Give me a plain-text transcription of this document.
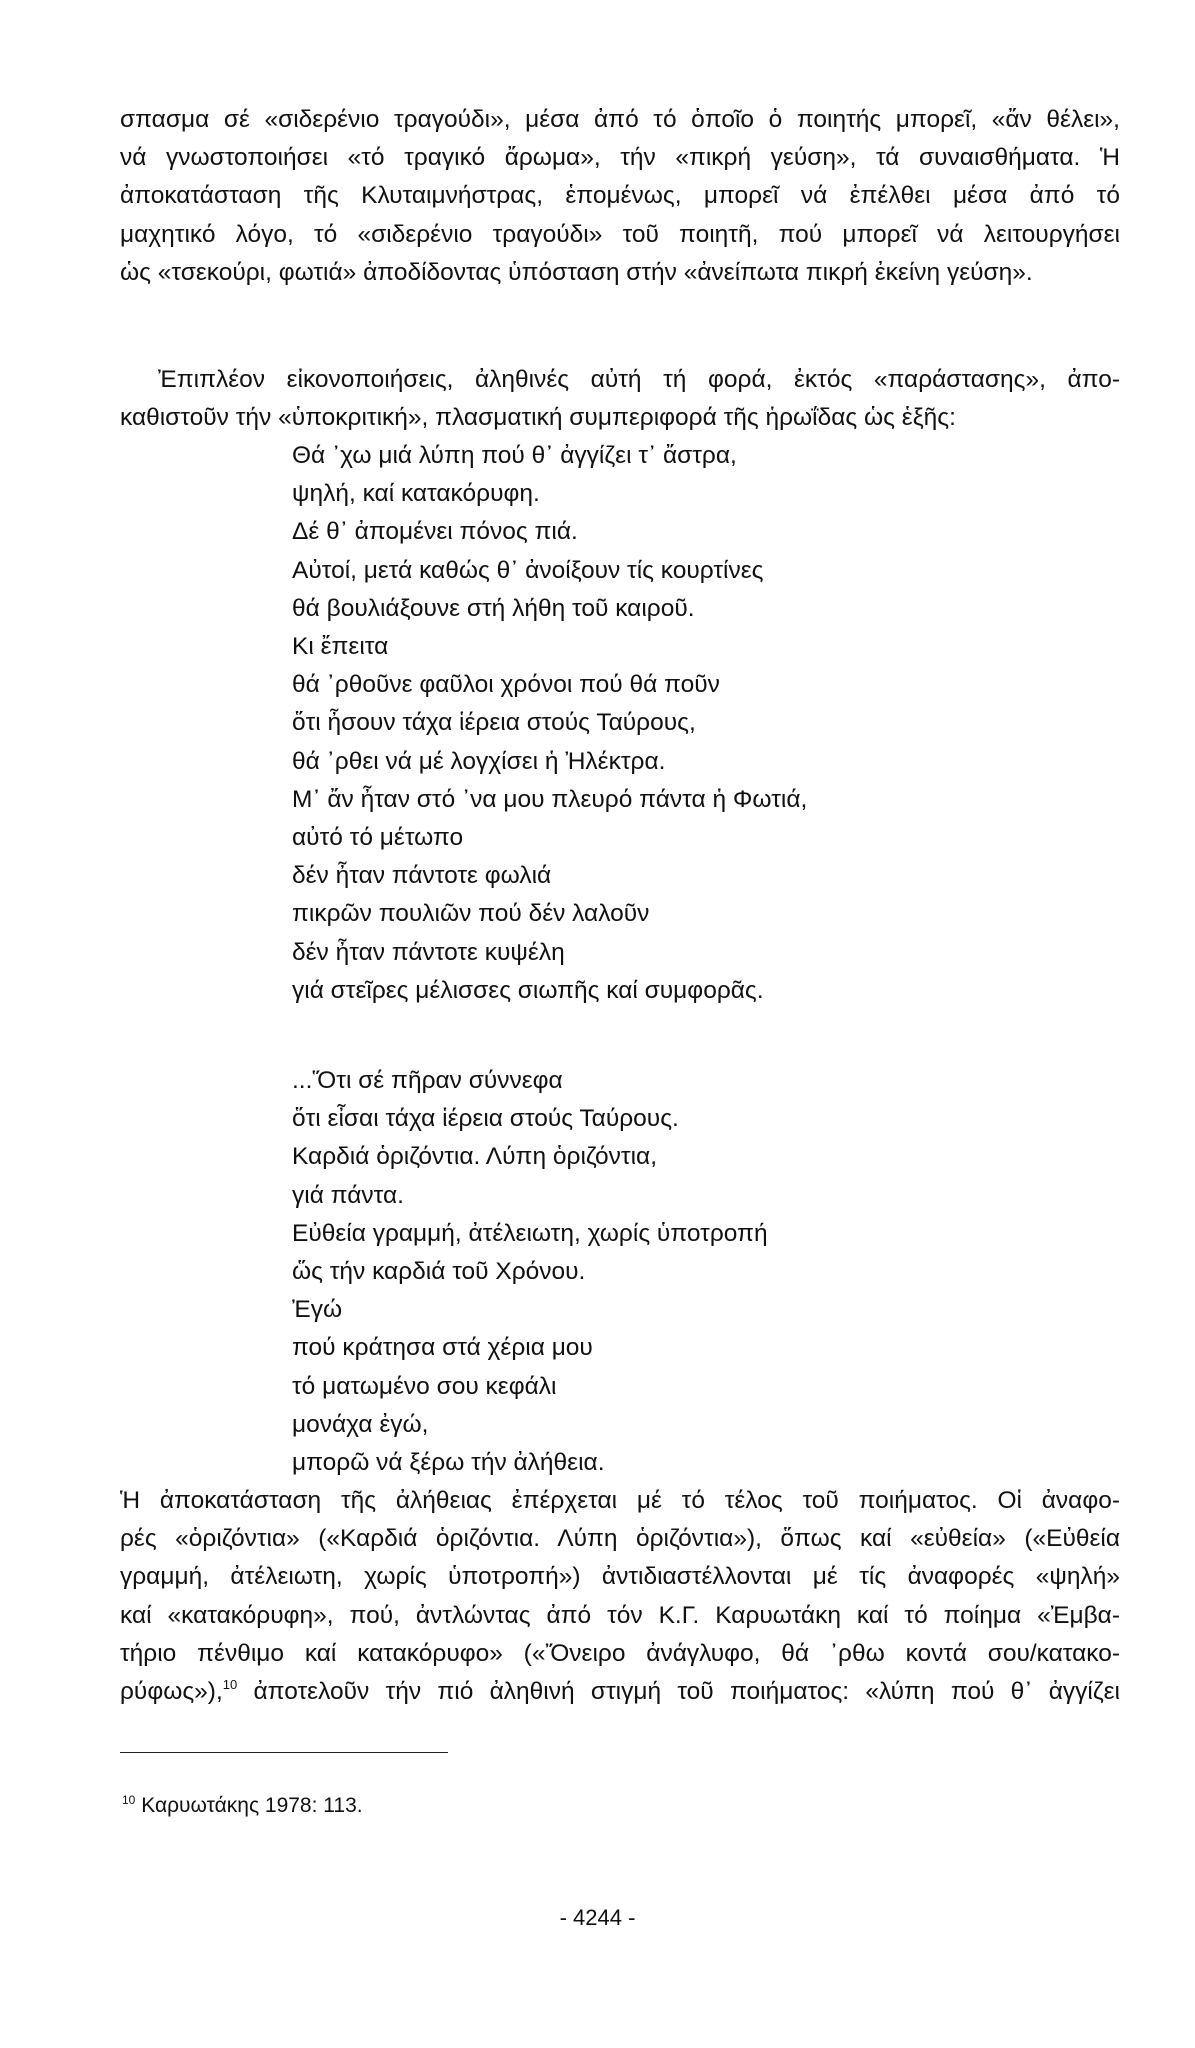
σπασμα σέ «σιδερένιο τραγούδι», μέσα ἀπό τό ὁποῖο ὁ ποιητής μπορεῖ, «ἄν θέλει»,
νά γνωστοποιήσει «τό τραγικό ἄρωμα», τήν «πικρή γεύση», τά συναισθήματα. Ἡ
ἀποκατάσταση τῆς Κλυταιμνήστρας, ἑπομένως, μπορεῖ νά ἐπέλθει μέσα ἀπό τό
μαχητικό λόγο, τό «σιδερένιο τραγούδι» τοῦ ποιητῆ, πού μπορεῖ νά λειτουργήσει
ὡς «τσεκούρι, φωτιά» ἀποδίδοντας ὑπόσταση στήν «ἀνείπωτα πικρή ἐκείνη γεύση».

Ἐπιπλέον εἰκονοποιήσεις, ἀληθινές αὐτή τή φορά, ἐκτός «παράστασης», ἀπο-
καθιστοῦν τήν «ὑποκριτική», πλασματική συμπεριφορά τῆς ἡρωΐδας ὡς ἑξῆς:

Θά ᾽χω μιά λύπη πού θ᾽ ἀγγίζει τ᾽ ἄστρα,
ψηλή, καί κατακόρυφη.
Δέ θ᾽ ἀπομένει πόνος πιά.
Αὐτοί, μετά καθώς θ᾽ ἀνοίξουν τίς κουρτίνες
θά βουλιάξουνε στή λήθη τοῦ καιροῦ.
Κι ἔπειτα
θά ᾽ρθοῦνε φαῦλοι χρόνοι πού θά ποῦν
ὅτι ἦσουν τάχα ἱέρεια στούς Ταύρους,
θά ᾽ρθει νά μέ λογχίσει ἡ Ἠλέκτρα.
Μ᾽ ἄν ἦταν στό ᾽να μου πλευρό πάντα ἡ Φωτιά,
αὐτό τό μέτωπο
δέν ἦταν πάντοτε φωλιά
πικρῶν πουλιῶν πού δέν λαλοῦν
δέν ἦταν πάντοτε κυψέλη
γιά στεῖρες μέλισσες σιωπῆς καί συμφορᾶς.
...Ὅτι σέ πῆραν σύννεφα
ὅτι εἶσαι τάχα ἱέρεια στούς Ταύρους.
Καρδιά ὁριζόντια. Λύπη ὁριζόντια,
γιά πάντα.
Εὐθεία γραμμή, ἀτέλειωτη, χωρίς ὑποτροπή
ὥς τήν καρδιά τοῦ Χρόνου.
Ἐγώ
πού κράτησα στά χέρια μου
τό ματωμένο σου κεφάλι
μονάχα ἐγώ,
μπορῶ νά ξέρω τήν ἀλήθεια.

Ἡ ἀποκατάσταση τῆς ἀλήθειας ἐπέρχεται μέ τό τέλος τοῦ ποιήματος. Οἱ ἀναφο-
ρές «ὁριζόντια» («Καρδιά ὁριζόντια. Λύπη ὁριζόντια»), ὅπως καί «εὐθεία» («Εὐθεία
γραμμή, ἀτέλειωτη, χωρίς ὑποτροπή») ἀντιδιαστέλλονται μέ τίς ἀναφορές «ψηλή»
καί «κατακόρυφη», πού, ἀντλώντας ἀπό τόν Κ.Γ. Καρυωτάκη καί τό ποίημα «Ἐμβα-
τήριο πένθιμο καί κατακόρυφο» («Ὄνειρο ἀνάγλυφο, θά ᾽ρθω κοντά σου/κατακο-
ρύφως»),$^{10}$ ἀποτελοῦν τήν πιό ἀληθινή στιγμή τοῦ ποιήματος: «λύπη πού θ᾽ ἀγγίζει

$^{10}$ Καρυωτάκης 1978: 113.
- 4244 -
